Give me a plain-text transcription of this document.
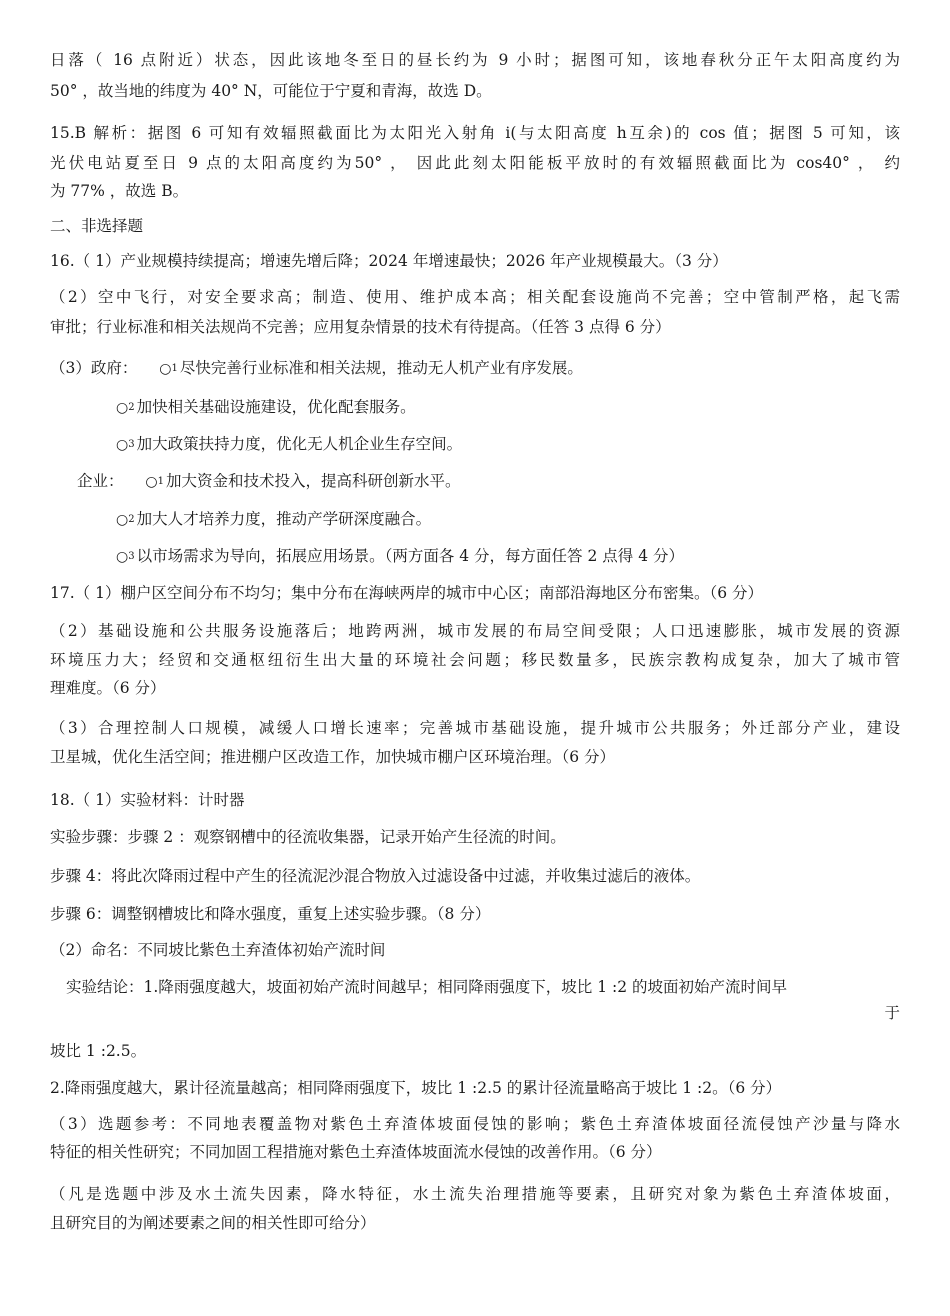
日落（ 16 点附近）状态，因此该地冬至日的昼长约为 9 小时；据图可知，该地春秋分正午太阳高度约为
50° ，故当地的纬度为 40° N，可能位于宁夏和青海，故选 D。
15.B 解析：据图 6 可知有效辐照截面比为太阳光入射角 i(与太阳高度 h互余)的 cos 值；据图 5 可知，该
光伏电站夏至日 9 点的太阳高度约为50° ， 因此此刻太阳能板平放时的有效辐照截面比为 cos40° ， 约
为 77% ，故选 B。
二、非选择题
16.（ 1）产业规模持续提高；增速先增后降；2024 年增速最快；2026 年产业规模最大。（3 分）
（2）空中飞行，对安全要求高；制造、使用、维护成本高；相关配套设施尚不完善；空中管制严格，起飞需
审批；行业标准和相关法规尚不完善；应用复杂情景的技术有待提高。（任答 3 点得 6 分）
（3）政府： ○$^1$ 尽快完善行业标准和相关法规，推动无人机产业有序发展。
○$^2$ 加快相关基础设施建设，优化配套服务。
○$^3$ 加大政策扶持力度，优化无人机企业生存空间。
企业： ○$^1$ 加大资金和技术投入，提高科研创新水平。
○$^2$ 加大人才培养力度，推动产学研深度融合。
○$^3$ 以市场需求为导向，拓展应用场景。（两方面各 4 分，每方面任答 2 点得 4 分）
17.（ 1）棚户区空间分布不均匀；集中分布在海峡两岸的城市中心区；南部沿海地区分布密集。（6 分）
（2）基础设施和公共服务设施落后；地跨两洲，城市发展的布局空间受限；人口迅速膨胀，城市发展的资源
环境压力大；经贸和交通枢纽衍生出大量的环境社会问题；移民数量多，民族宗教构成复杂，加大了城市管
理难度。（6 分）
（3）合理控制人口规模，减缓人口增长速率；完善城市基础设施，提升城市公共服务；外迁部分产业，建设
卫星城，优化生活空间；推进棚户区改造工作，加快城市棚户区环境治理。（6 分）
18.（ 1）实验材料：计时器
实验步骤：步骤 2 ：观察钢槽中的径流收集器，记录开始产生径流的时间。
步骤 4：将此次降雨过程中产生的径流泥沙混合物放入过滤设备中过滤，并收集过滤后的液体。
步骤 6：调整钢槽坡比和降水强度，重复上述实验步骤。（8 分）
（2）命名：不同坡比紫色土弃渣体初始产流时间
实验结论：1.降雨强度越大，坡面初始产流时间越早；相同降雨强度下，坡比 1 :2 的坡面初始产流时间早
于
坡比 1 :2.5。
2.降雨强度越大，累计径流量越高；相同降雨强度下，坡比 1 :2.5 的累计径流量略高于坡比 1 :2。（6 分）
（3）选题参考：不同地表覆盖物对紫色土弃渣体坡面侵蚀的影响；紫色土弃渣体坡面径流侵蚀产沙量与降水
特征的相关性研究；不同加固工程措施对紫色土弃渣体坡面流水侵蚀的改善作用。（6 分）
（凡是选题中涉及水土流失因素，降水特征，水土流失治理措施等要素，且研究对象为紫色土弃渣体坡面，
且研究目的为阐述要素之间的相关性即可给分）
